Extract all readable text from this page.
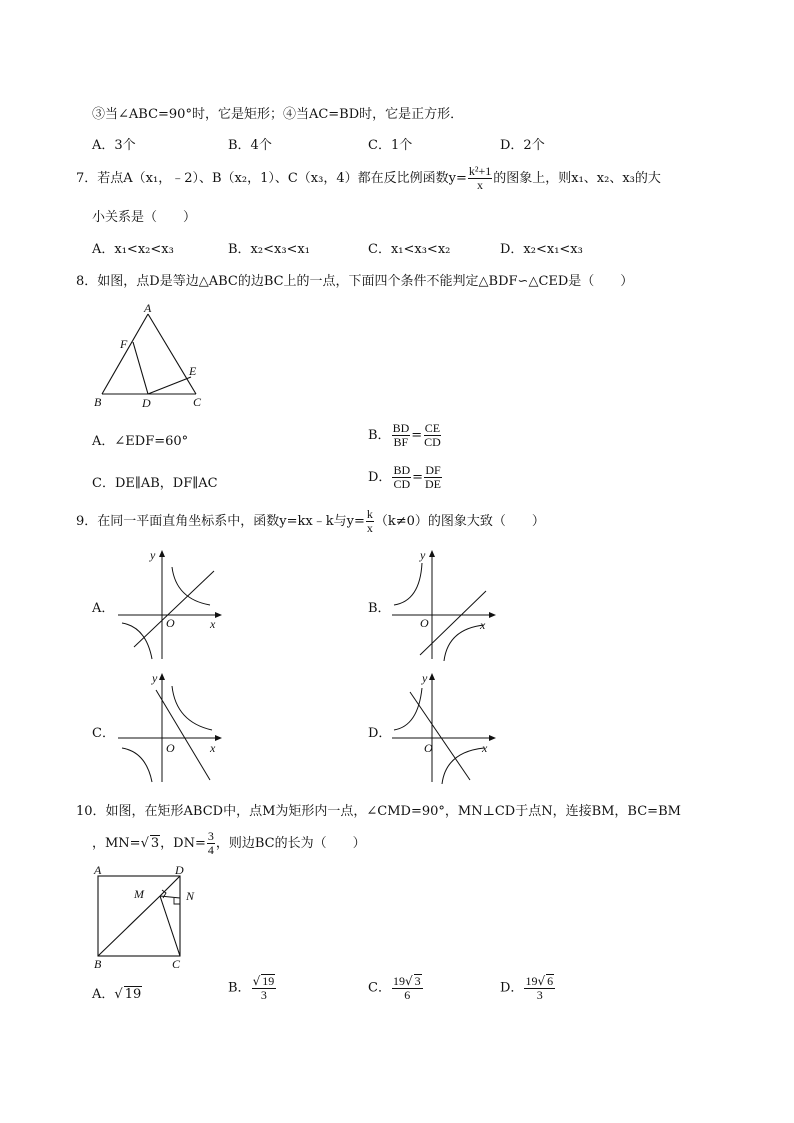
③当∠ABC=90°时，它是矩形；④当AC=BD时，它是正方形．
A．3个	B．4个	C．1个	D．2个
7．若点A（x₁，﹣2）、B（x₂，1）、C（x₃，4）都在反比例函数$y= \frac{\text{k²+1}}{x}$ 的图象上，则x₁、x₂、x₃的大
小关系是（　　）
A．x₁<x₂<x₃	B．x₂<x₃<x₁	C．x₁<x₃<x₂	D．x₂<x₁<x₃
8．如图，点D是等边△ABC的边BC上的一点，下面四个条件不能判定△BDF∽△CED是（　　）
A
F
E
B	D	C
A．∠EDF=60°	B． $\frac{BD}{BF} = \frac{CE}{CD}$
C．DE∥AB，DF∥AC	D． $\frac{BD}{CD} = \frac{DF}{DE}$
9．在同一平面直角坐标系中，函数y=kx﹣k与$y= \frac{k}{x} (k\ne 0)$的图象大致（　　）
A．	B．
C．	D．
y
x
O
y
x
O
y
x
O
y
x
O
10．如图，在矩形ABCD中，点M为矩形内一点，∠CMD=90°，MN⊥CD于点N，连接BM，BC=BM
，MN=√ 3，$DN= \frac{3}{4}$ ，则边BC的长为（　　）
A	D
M	N
B	C
A．√ 19	B． $\frac{√ 19}{3}$	C． $\frac{19√ 3}{6}$	D． $\frac{19√ 6}{3}$
